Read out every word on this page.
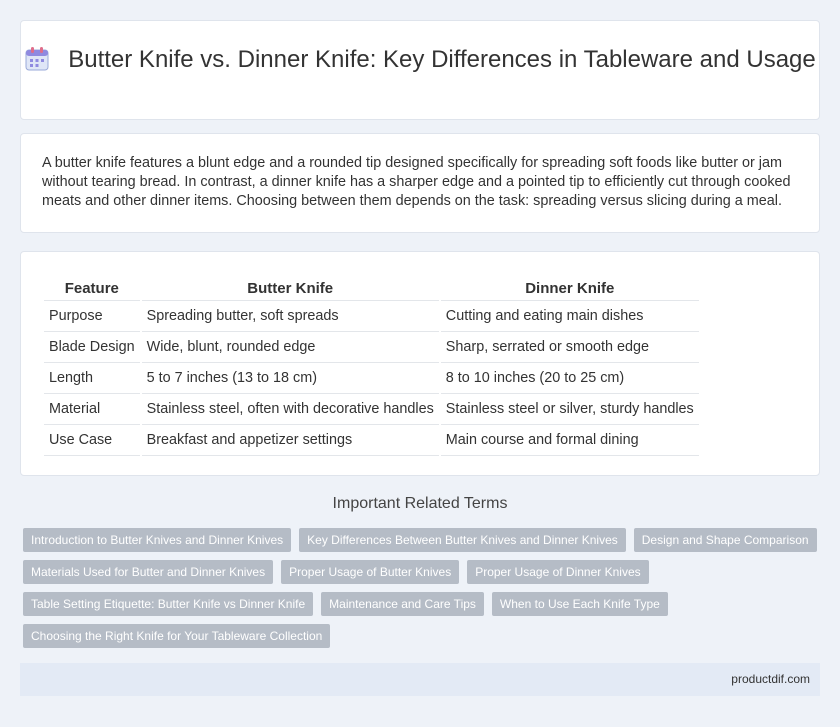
Butter Knife vs. Dinner Knife: Key Differences in Tableware and Usage

A butter knife features a blunt edge and a rounded tip designed specifically for spreading soft foods like butter or jam without tearing bread. In contrast, a dinner knife has a sharper edge and a pointed tip to efficiently cut through cooked meats and other dinner items. Choosing between them depends on the task: spreading versus slicing during a meal.

Feature	Butter Knife	Dinner Knife
Purpose	Spreading butter, soft spreads	Cutting and eating main dishes
Blade Design	Wide, blunt, rounded edge	Sharp, serrated or smooth edge
Length	5 to 7 inches (13 to 18 cm)	8 to 10 inches (20 to 25 cm)
Material	Stainless steel, often with decorative handles	Stainless steel or silver, sturdy handles
Use Case	Breakfast and appetizer settings	Main course and formal dining
Important Related Terms
Introduction to Butter Knives and Dinner Knives	Key Differences Between Butter Knives and Dinner Knives	Design and Shape Comparison
Materials Used for Butter and Dinner Knives	Proper Usage of Butter Knives	Proper Usage of Dinner Knives
Table Setting Etiquette: Butter Knife vs Dinner Knife	Maintenance and Care Tips	When to Use Each Knife Type
Choosing the Right Knife for Your Tableware Collection
productdif.com
